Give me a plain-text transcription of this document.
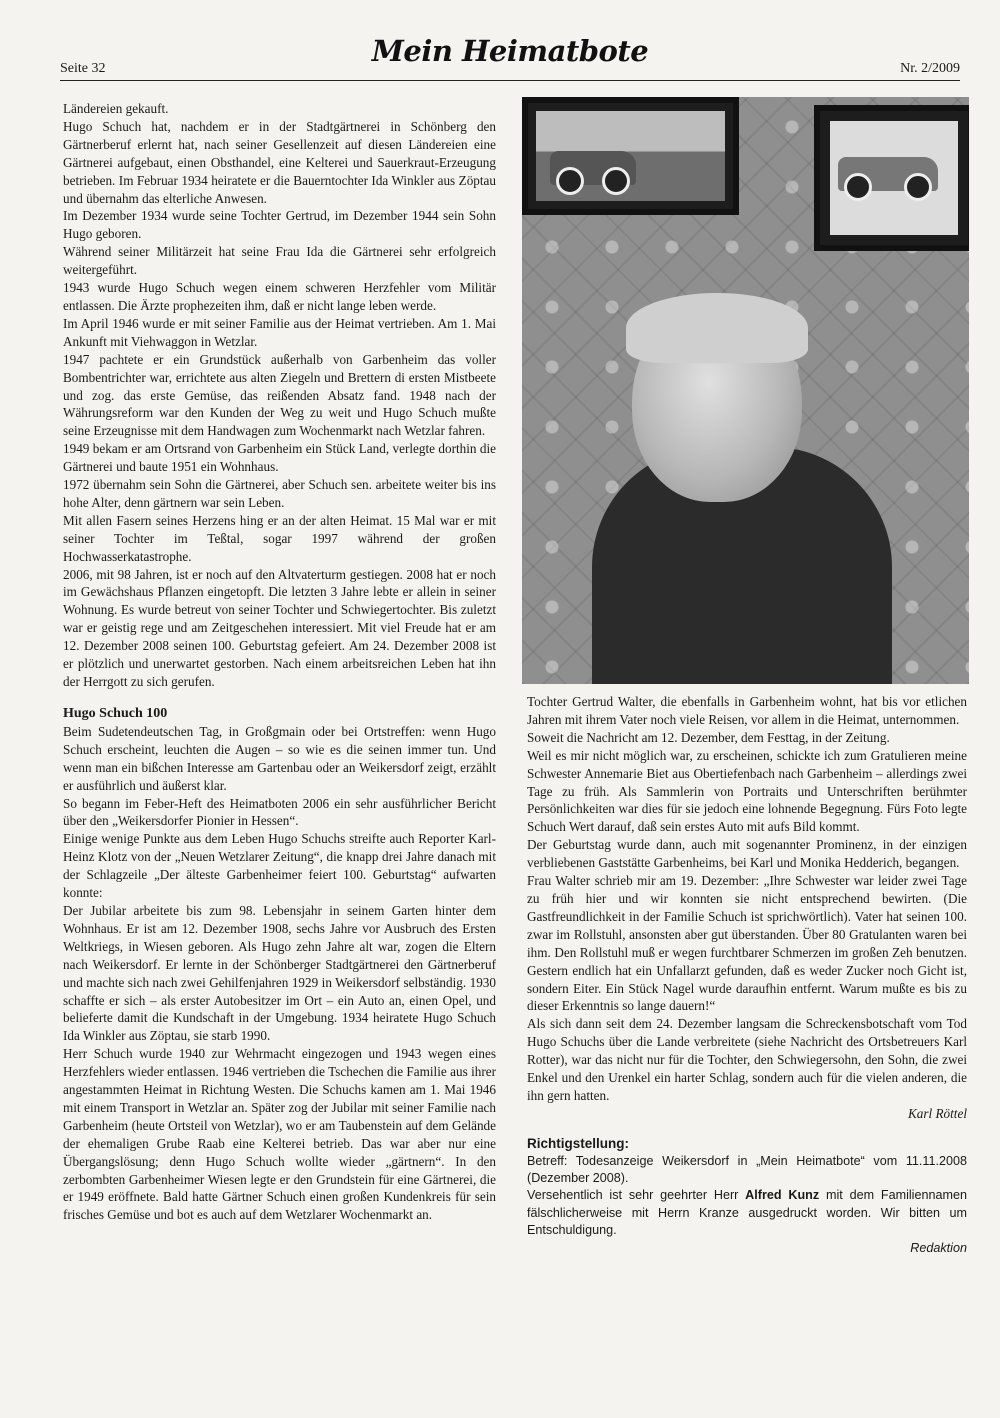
Seite 32
Mein Heimatbote
Nr. 2/2009

Ländereien gekauft.

Hugo Schuch hat, nachdem er in der Stadtgärtnerei in Schönberg den Gärtnerberuf erlernt hat, nach seiner Gesellenzeit auf diesen Ländereien eine Gärtnerei aufgebaut, einen Obsthandel, eine Kelterei und Sauerkraut-Erzeugung betrieben. Im Februar 1934 heiratete er die Bauerntochter Ida Winkler aus Zöptau und übernahm das elterliche Anwesen.

Im Dezember 1934 wurde seine Tochter Gertrud, im Dezember 1944 sein Sohn Hugo geboren.

Während seiner Militärzeit hat seine Frau Ida die Gärtnerei sehr erfolgreich weitergeführt.

1943 wurde Hugo Schuch wegen einem schweren Herzfehler vom Militär entlassen. Die Ärzte prophezeiten ihm, daß er nicht lange leben werde.

Im April 1946 wurde er mit seiner Familie aus der Heimat vertrieben. Am 1. Mai Ankunft mit Viehwaggon in Wetzlar.

1947 pachtete er ein Grundstück außerhalb von Garbenheim das voller Bombentrichter war, errichtete aus alten Ziegeln und Brettern di ersten Mistbeete und zog. das erste Gemüse, das reißenden Absatz fand. 1948 nach der Währungsreform war den Kunden der Weg zu weit und Hugo Schuch mußte seine Erzeugnisse mit dem Handwagen zum Wochenmarkt nach Wetzlar fahren.

1949 bekam er am Ortsrand von Garbenheim ein Stück Land, verlegte dorthin die Gärtnerei und baute 1951 ein Wohnhaus.

1972 übernahm sein Sohn die Gärtnerei, aber Schuch sen. arbeitete weiter bis ins hohe Alter, denn gärtnern war sein Leben.

Mit allen Fasern seines Herzens hing er an der alten Heimat. 15 Mal war er mit seiner Tochter im Teßtal, sogar 1997 während der großen Hochwasserkatastrophe.

2006, mit 98 Jahren, ist er noch auf den Altvaterturm gestiegen. 2008 hat er noch im Gewächshaus Pflanzen eingetopft. Die letzten 3 Jahre lebte er allein in seiner Wohnung. Es wurde betreut von seiner Tochter und Schwiegertochter. Bis zuletzt war er geistig rege und am Zeitgeschehen interessiert. Mit viel Freude hat er am 12. Dezember 2008 seinen 100. Geburtstag gefeiert. Am 24. Dezember 2008 ist er plötzlich und unerwartet gestorben. Nach einem arbeitsreichen Leben hat ihn der Herrgott zu sich gerufen.

Hugo Schuch 100

Beim Sudetendeutschen Tag, in Großgmain oder bei Ortstreffen: wenn Hugo Schuch erscheint, leuchten die Augen – so wie es die seinen immer tun. Und wenn man ein bißchen Interesse am Gartenbau oder an Weikersdorf zeigt, erzählt er ausführlich und äußerst klar.

So begann im Feber-Heft des Heimatboten 2006 ein sehr ausführlicher Bericht über den „Weikersdorfer Pionier in Hessen“.

Einige wenige Punkte aus dem Leben Hugo Schuchs streifte auch Reporter Karl-Heinz Klotz von der „Neuen Wetzlarer Zeitung“, die knapp drei Jahre danach mit der Schlagzeile „Der älteste Garbenheimer feiert 100. Geburtstag“ aufwarten konnte:

Der Jubilar arbeitete bis zum 98. Lebensjahr in seinem Garten hinter dem Wohnhaus. Er ist am 12. Dezember 1908, sechs Jahre vor Ausbruch des Ersten Weltkriegs, in Wiesen geboren. Als Hugo zehn Jahre alt war, zogen die Eltern nach Weikersdorf. Er lernte in der Schönberger Stadtgärtnerei den Gärtnerberuf und machte sich nach zwei Gehilfenjahren 1929 in Weikersdorf selbständig. 1930 schaffte er sich – als erster Autobesitzer im Ort – ein Auto an, einen Opel, und belieferte damit die Kundschaft in der Umgebung. 1934 heiratete Hugo Schuch Ida Winkler aus Zöptau, sie starb 1990.

Herr Schuch wurde 1940 zur Wehrmacht eingezogen und 1943 wegen eines Herzfehlers wieder entlassen. 1946 vertrieben die Tschechen die Familie aus ihrer angestammten Heimat in Richtung Westen. Die Schuchs kamen am 1. Mai 1946 mit einem Transport in Wetzlar an. Später zog der Jubilar mit seiner Familie nach Garbenheim (heute Ortsteil von Wetzlar), wo er am Taubenstein auf dem Gelände der ehemaligen Grube Raab eine Kelterei betrieb. Das war aber nur eine Übergangslösung; denn Hugo Schuch wollte wieder „gärtnern“. In den zerbombten Garbenheimer Wiesen legte er den Grundstein für eine Gärtnerei, die er 1949 eröffnete. Bald hatte Gärtner Schuch einen großen Kundenkreis für sein frisches Gemüse und bot es auch auf dem Wetzlarer Wochenmarkt an.

Tochter Gertrud Walter, die ebenfalls in Garbenheim wohnt, hat bis vor etlichen Jahren mit ihrem Vater noch viele Reisen, vor allem in die Heimat, unternommen.

Soweit die Nachricht am 12. Dezember, dem Festtag, in der Zeitung.

Weil es mir nicht möglich war, zu erscheinen, schickte ich zum Gratulieren meine Schwester Annemarie Biet aus Obertiefenbach nach Garbenheim – allerdings zwei Tage zu früh. Als Sammlerin von Portraits und Unterschriften berühmter Persönlichkeiten war dies für sie jedoch eine lohnende Begegnung. Fürs Foto legte Schuch Wert darauf, daß sein erstes Auto mit aufs Bild kommt.

Der Geburtstag wurde dann, auch mit sogenannter Prominenz, in der einzigen verbliebenen Gaststätte Garbenheims, bei Karl und Monika Hedderich, begangen.

Frau Walter schrieb mir am 19. Dezember: „Ihre Schwester war leider zwei Tage zu früh hier und wir konnten sie nicht entsprechend bewirten. (Die Gastfreundlichkeit in der Familie Schuch ist sprichwörtlich). Vater hat seinen 100. zwar im Rollstuhl, ansonsten aber gut überstanden. Über 80 Gratulanten waren bei ihm. Den Rollstuhl muß er wegen furchtbarer Schmerzen im großen Zeh benutzen. Gestern endlich hat ein Unfallarzt gefunden, daß es weder Zucker noch Gicht ist, sondern Eiter. Ein Stück Nagel wurde daraufhin entfernt. Warum mußte es bis zu dieser Erkenntnis so lange dauern!“

Als sich dann seit dem 24. Dezember langsam die Schreckensbotschaft vom Tod Hugo Schuchs über die Lande verbreitete (siehe Nachricht des Ortsbetreuers Karl Rotter), war das nicht nur für die Tochter, den Schwiegersohn, den Sohn, die zwei Enkel und den Urenkel ein harter Schlag, sondern auch für die vielen anderen, die ihn gern hatten.

Karl Röttel

Richtigstellung:

Betreff: Todesanzeige Weikersdorf in „Mein Heimatbote“ vom 11.11.2008 (Dezember 2008).

Versehentlich ist sehr geehrter Herr Alfred Kunz mit dem Familiennamen fälschlicherweise mit Herrn Kranze ausgedruckt worden. Wir bitten um Entschuldigung.

Redaktion
